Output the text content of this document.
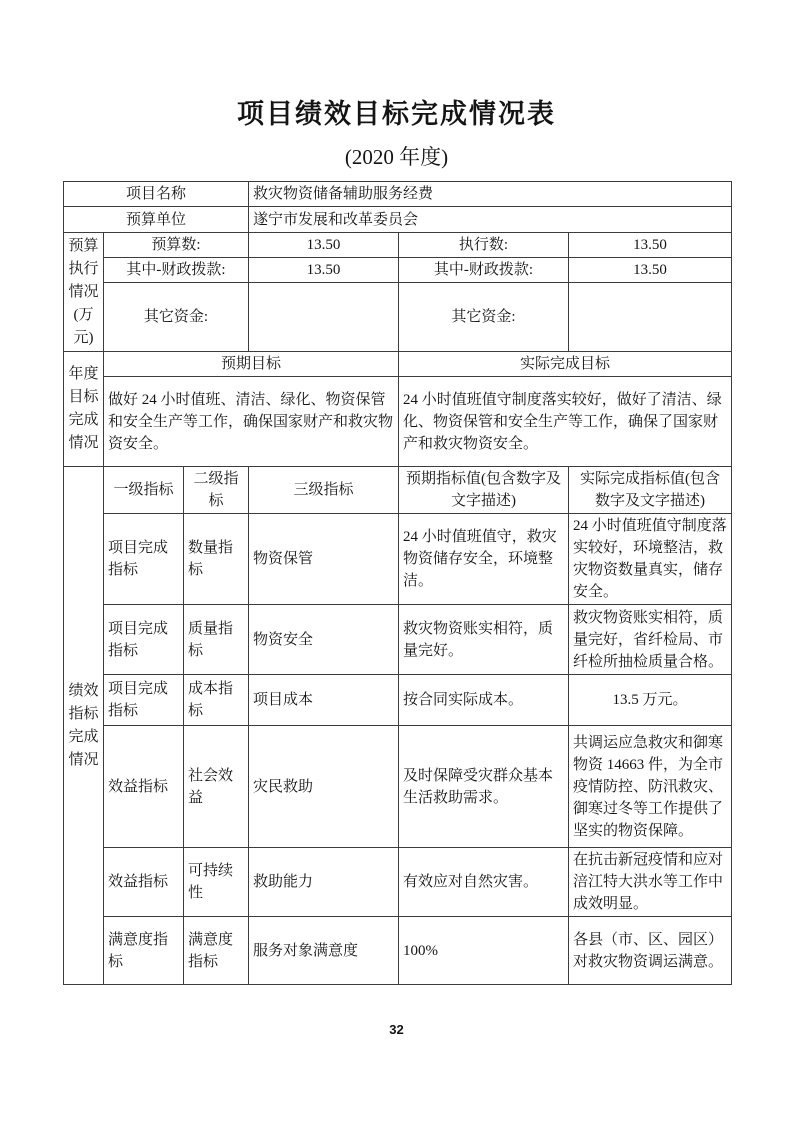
项目绩效目标完成情况表
(2020 年度)
项目名称			救灾物资储备辅助服务经费		
预算单位			遂宁市发展和改革委员会		
预算执行情况(万元)	预算数:		13.50	执行数:	13.50
	其中-财政拨款:		13.50	其中-财政拨款:	13.50
	其它资金:			其它资金:	
年度目标完成情况	预期目标			实际完成目标	
	做好 24 小时值班、清洁、绿化、物资保管和安全生产等工作，确保国家财产和救灾物资安全。			24 小时值班值守制度落实较好，做好了清洁、绿化、物资保管和安全生产等工作，确保了国家财产和救灾物资安全。	
绩效指标完成情况	一级指标	二级指标	三级指标	预期指标值(包含数字及文字描述)	实际完成指标值(包含数字及文字描述)
	项目完成指标	数量指标	物资保管	24 小时值班值守，救灾物资储存安全，环境整洁。	24 小时值班值守制度落实较好，环境整洁，救灾物资数量真实，储存安全。
	项目完成指标	质量指标	物资安全	救灾物资账实相符，质量完好。	救灾物资账实相符，质量完好，省纤检局、市纤检所抽检质量合格。
	项目完成指标	成本指标	项目成本	按合同实际成本。	13.5 万元。
	效益指标	社会效益	灾民救助	及时保障受灾群众基本生活救助需求。	共调运应急救灾和御寒物资 14663 件，为全市疫情防控、防汛救灾、御寒过冬等工作提供了坚实的物资保障。
	效益指标	可持续性	救助能力	有效应对自然灾害。	在抗击新冠疫情和应对涪江特大洪水等工作中成效明显。
	满意度指标	满意度指标	服务对象满意度	100%	各县（市、区、园区）对救灾物资调运满意。
32
